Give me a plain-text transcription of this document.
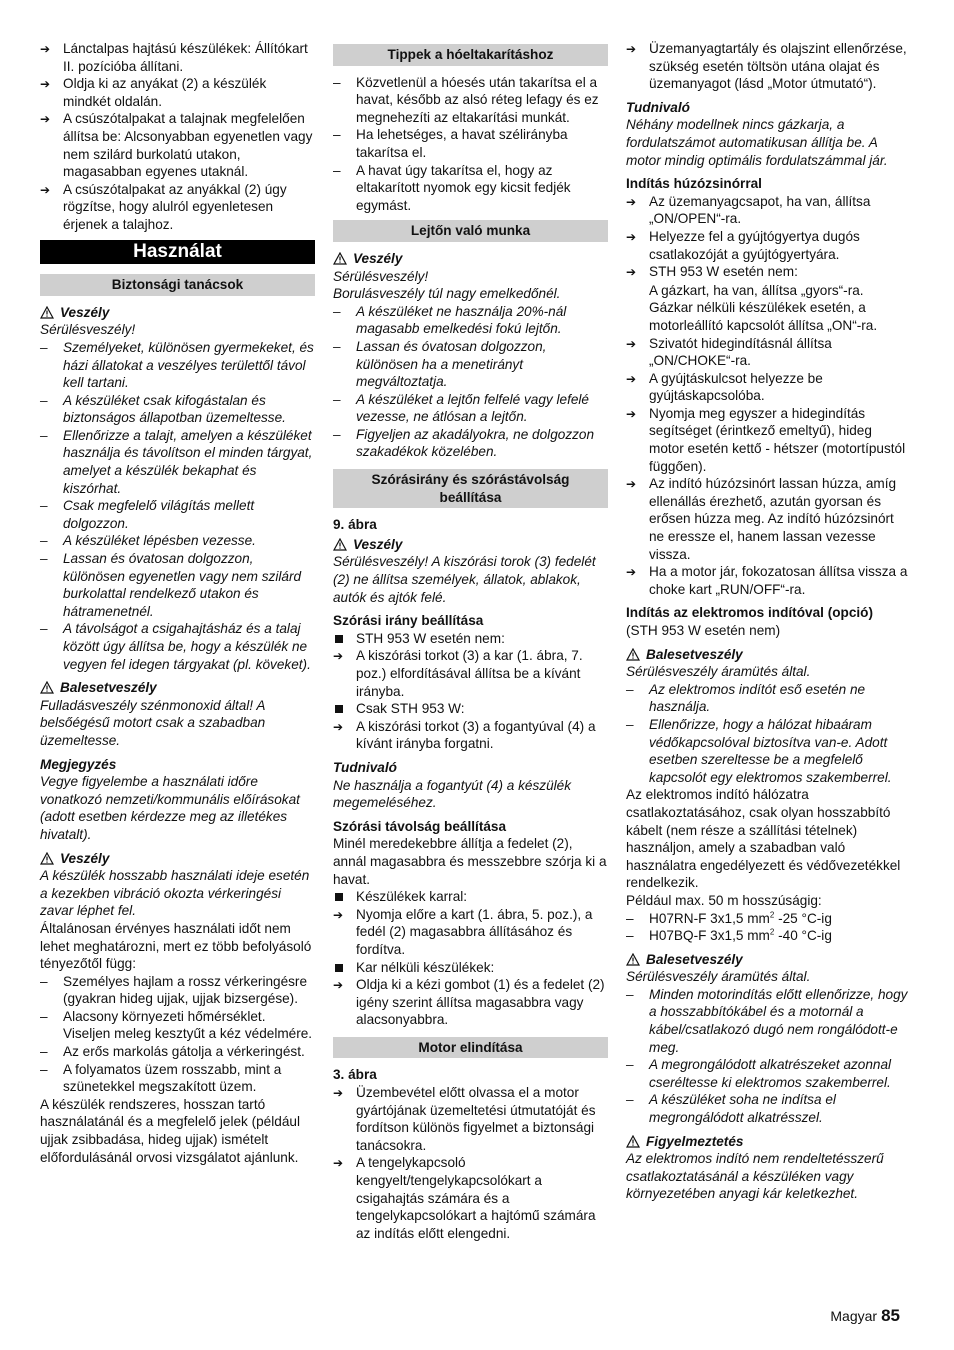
➔
Lánctalpas hajtású készülékek: Állítókart II. pozícióba állítani.
➔
Oldja ki az anyákat (2) a készülék mindkét oldalán.
➔
A csúszótalpakat a talajnak megfelelően állítsa be: Alcsonyabban egyenetlen vagy nem szilárd burkolatú utakon, magasabban egyenes utaknál.
➔
A csúszótalpakat az anyákkal (2) úgy rögzítse, hogy alulról egyenletesen érjenek a talajhoz.
Használat
Biztonsági tanácsok
Veszély

Sérülésveszély!

–	Személyeket, különösen gyermekeket, és házi állatokat a veszélyes területtől távol kell tartani.
–	A készüléket csak kifogástalan és biztonságos állapotban üzemeltesse.
–	Ellenőrizze a talajt, amelyen a készüléket használja és távolítson el minden tárgyat, amelyet a készülék bekaphat és kiszórhat.
–	Csak megfelelő világítás mellett dolgozzon.
–	A készüléket lépésben vezesse.
–	Lassan és óvatosan dolgozzon, különösen egyenetlen vagy nem szilárd burkolattal rendelkező utakon és hátramenetnél.
–	A távolságot a csigahajtásház és a talaj között úgy állítsa be, hogy a készülék ne vegyen fel idegen tárgyakat (pl. köveket).
Balesetveszély

Fulladásveszély szénmonoxid által! A belsőégésű motort csak a szabadban üzemeltesse.

Megjegyzés

Vegye figyelembe a használati időre vonatkozó nemzeti/kommunális előírásokat (adott esetben kérdezze meg az illetékes hivatalt).

Veszély

A készülék hosszabb használati ideje esetén a kezekben vibráció okozta vérkeringési zavar léphet fel.

Általánosan érvényes használati időt nem lehet meghatározni, mert ez több befolyásoló tényezőtől függ:

–	Személyes hajlam a rossz vérkeringésre (gyakran hideg ujjak, ujjak bizsergése).
–	Alacsony környezeti hőmérséklet. Viseljen meleg kesztyűt a kéz védelmére.
–	Az erős markolás gátolja a vérkeringést.
–	A folyamatos üzem rosszabb, mint a szünetekkel megszakított üzem.

A készülék rendszeres, hosszan tartó használatánál és a megfelelő jelek (például ujjak zsibbadása, hideg ujjak) ismételt előfordulásánál orvosi vizsgálatot ajánlunk.

Tippek a hóeltakarításhoz
–	Közvetlenül a hóesés után takarítsa el a havat, később az alsó réteg lefagy és ez megnehezíti az eltakarítási munkát.
–	Ha lehetséges, a havat szélirányba takarítsa el.
–	A havat úgy takarítsa el, hogy az eltakarított nyomok egy kicsit fedjék egymást.
Lejtőn való munka
Veszély

Sérülésveszély!

Borulásveszély túl nagy emelkedőnél.

–	A készüléket ne használja 20%-nál magasabb emelkedési fokú lejtőn.
–	Lassan és óvatosan dolgozzon, különösen ha a menetirányt megváltoztatja.
–	A készüléket a lejtőn felfelé vagy lefelé vezesse, ne átlósan a lejtőn.
–	Figyeljen az akadályokra, ne dolgozzon szakadékok közelében.
Szórásirány és szórástávolság beállítása
9. ábra
Veszély

Sérülésveszély! A kiszórási torok (3) fedelét (2) ne állítsa személyek, állatok, ablakok, autók és ajtók felé.

Szórási irány beállítása
STH 953 W esetén nem:
➔
A kiszórási torkot (3) a kar (1. ábra, 7. poz.) elfordításával állítsa be a kívánt irányba.
Csak STH 953 W:
➔
A kiszórási torkot (3) a fogantyúval (4) a kívánt irányba forgatni.
Tudnivaló

Ne használja a fogantyút (4) a készülék megemeléséhez.

Szórási távolság beállítása

Minél meredekebbre állítja a fedelet (2), annál magasabbra és messzebbre szórja ki a havat.

Készülékek karral:
➔
Nyomja előre a kart (1. ábra, 5. poz.), a fedél (2) magasabbra állításához és fordítva.
Kar nélküli készülékek:
➔
Oldja ki a kézi gombot (1) és a fedelet (2) igény szerint állítsa magasabbra vagy alacsonyabbra.
Motor elindítása
3. ábra
➔
Üzembevétel előtt olvassa el a motor gyártójának üzemeltetési útmutatóját és fordítson különös figyelmet a biztonsági tanácsokra.
➔
A tengelykapcsoló kengyelt/tengelykapcsolókart a csigahajtás számára és a tengelykapcsolókart a hajtómű számára az indítás előtt elengedni.
➔
Üzemanyagtartály és olajszint ellenőrzése, szükség esetén töltsön utána olajat és üzemanyagot (lásd „Motor útmutató“).
Tudnivaló

Néhány modellnek nincs gázkarja, a fordulatszámot automatikusan állítja be. A motor mindig optimális fordulatszámmal jár.

Indítás húzózsinórral
➔
Az üzemanyagcsapot, ha van, állítsa „ON/OPEN“-ra.
➔
Helyezze fel a gyújtógyertya dugós csatlakozóját a gyújtógyertyára.
➔
STH 953 W esetén nem:
A gázkart, ha van, állítsa „gyors“-ra. Gázkar nélküli készülékek esetén, a motorleállító kapcsolót állítsa „ON“-ra.
➔
Szivatót hidegindításnál állítsa „ON/CHOKE“-ra.
➔
A gyújtáskulcsot helyezze be gyújtáskapcsolóba.
➔
Nyomja meg egyszer a hidegindítás segítséget (érintkező emeltyű), hideg motor esetén kettő - hétszer (motortípustól függően).
➔
Az indító húzózsinórt lassan húzza, amíg ellenállás érezhető, azután gyorsan és erősen húzza meg. Az indító húzózsinórt ne eressze el, hanem lassan vezesse vissza.
➔
Ha a motor jár, fokozatosan állítsa vissza a choke kart „RUN/OFF“-ra.
Indítás az elektromos indítóval (opció)

(STH 953 W esetén nem)

Balesetveszély

Sérülésveszély áramütés által.

–	Az elektromos indítót eső esetén ne használja.
–	Ellenőrizze, hogy a hálózat hibaáram védőkapcsolóval biztosítva van-e. Adott esetben szereltesse be a megfelelő kapcsolót egy elektromos szakemberrel.

Az elektromos indító hálózatra csatlakoztatásához, csak olyan hosszabbító kábelt (nem része a szállítási tételnek) használjon, amely a szabadban való használatra engedélyezett és védővezetékkel rendelkezik.

Például max. 50 m hosszúságig:

–	H07RN-F 3x1,5 $mm^2$ -25 °C-ig
–	H07BQ-F 3x1,5 $mm^2$ -40 °C-ig
Balesetveszély

Sérülésveszély áramütés által.

–	Minden motorindítás előtt ellenőrizze, hogy a hosszabbítókábel és a motornál a kábel/csatlakozó dugó nem rongálódott-e meg.
–	A megrongálódott alkatrészeket azonnal cseréltesse ki elektromos szakemberrel.
–	A készüléket soha ne indítsa el megrongálódott alkatrésszel.
Figyelmeztetés

Az elektromos indító nem rendeltetésszerű csatlakoztatásánál a készüléken vagy környezetében anyagi kár keletkezhet.

Magyar 85
